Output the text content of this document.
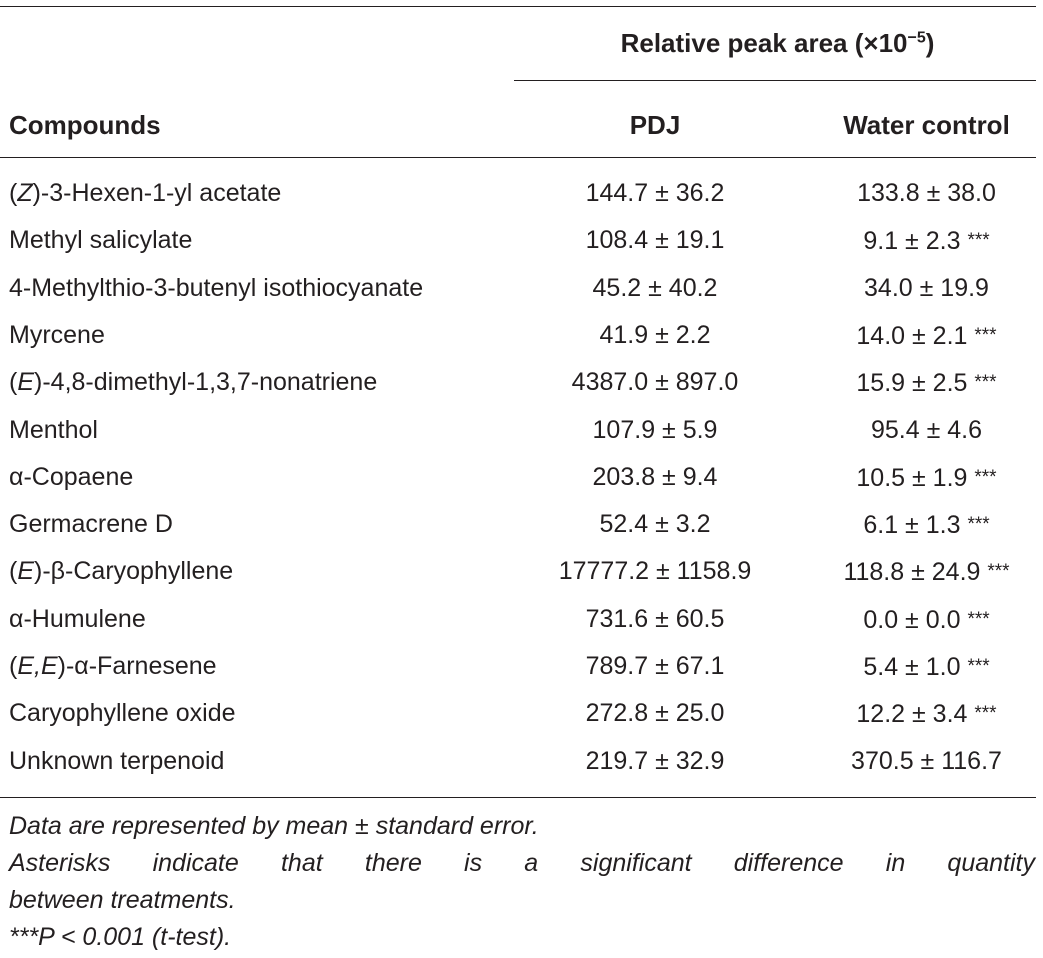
Relative peak area $(\times 10^{-5})$
Compounds	PDJ	Water control
(Z)-3-Hexen-1-yl acetate	144.7 ± 36.2	133.8 ± 38.0
Methyl salicylate	108.4 ± 19.1	9.1 ± 2.3 ***
4-Methylthio-3-butenyl isothiocyanate	45.2 ± 40.2	34.0 ± 19.9
Myrcene	41.9 ± 2.2	14.0 ± 2.1 ***
(E)-4,8-dimethyl-1,3,7-nonatriene	4387.0 ± 897.0	15.9 ± 2.5 ***
Menthol	107.9 ± 5.9	95.4 ± 4.6
α-Copaene	203.8 ± 9.4	10.5 ± 1.9 ***
Germacrene D	52.4 ± 3.2	6.1 ± 1.3 ***
(E)-β-Caryophyllene	17777.2 ± 1158.9	118.8 ± 24.9 ***
α-Humulene	731.6 ± 60.5	0.0 ± 0.0 ***
(E,E)-α-Farnesene	789.7 ± 67.1	5.4 ± 1.0 ***
Caryophyllene oxide	272.8 ± 25.0	12.2 ± 3.4 ***
Unknown terpenoid	219.7 ± 32.9	370.5 ± 116.7
Data are represented by mean ± standard error.
Asterisks indicate that there is a significant difference in quantity
between treatments.
***P < 0.001 (t-test).
